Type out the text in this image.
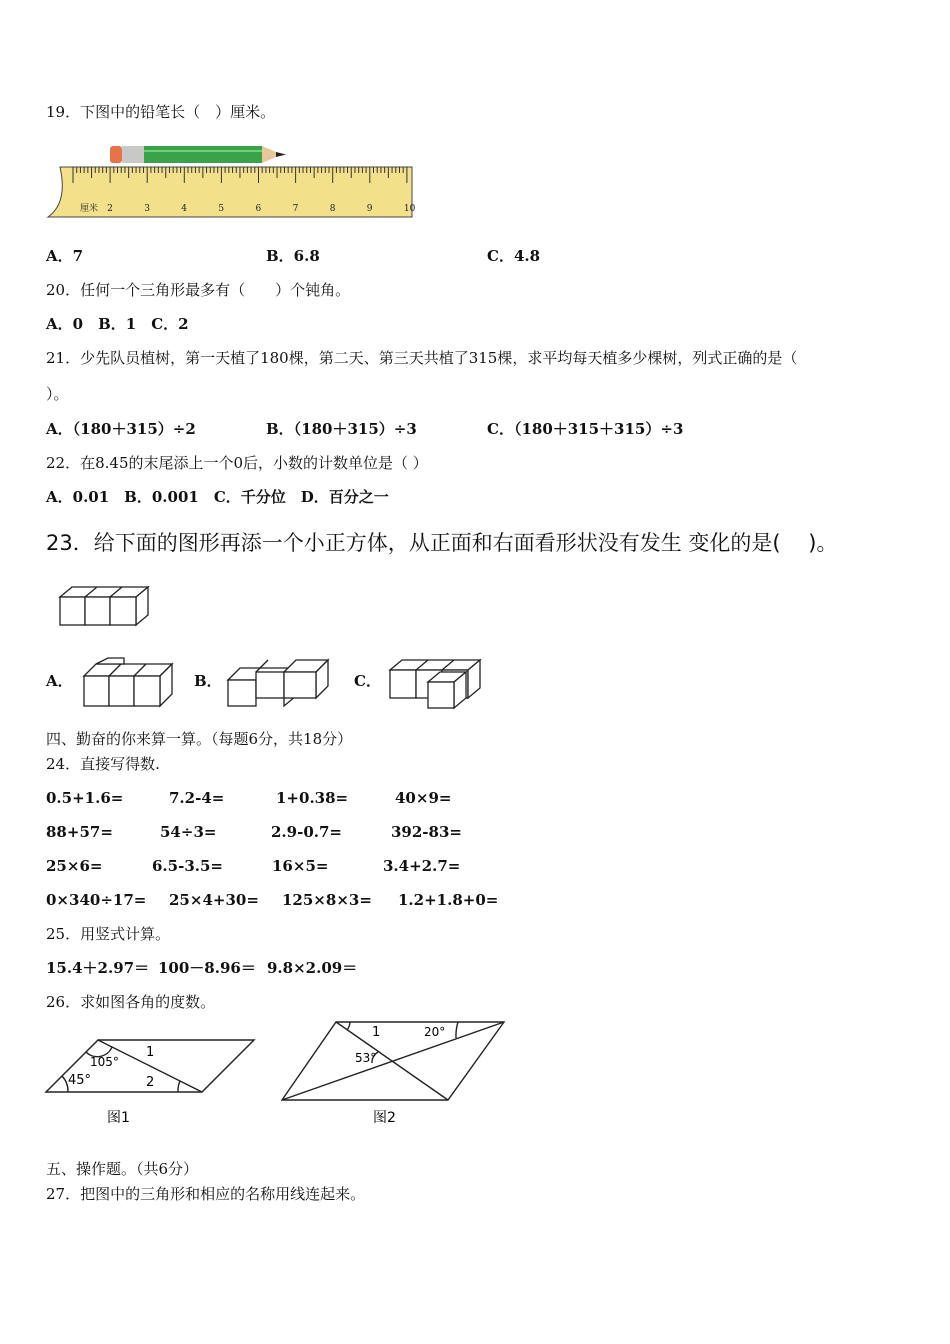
19．下图中的铅笔长（　）厘米。
厘米 2	3	4	5	6	7	8	9	10
A．7	B．6.8	C．4.8
20．任何一个三角形最多有（　　）个钝角。
A．0　B．1　C．2
21．少先队员植树，第一天植了180棵，第二天、第三天共植了315棵，求平均每天植多少棵树，列式正确的是（
）。
A．（180＋315）÷2	B．（180＋315）÷3	C．（180＋315＋315）÷3
22．在8.45的末尾添上一个0后，小数的计数单位是（ ）
A．0.01　B．0.001　C．千分位　D．百分之一
23．给下面的图形再添一个小正方体，从正面和右面看形状没有发生 变化的是(　 )。
A．	B．	C．
四、勤奋的你来算一算。（每题6分，共18分）
24．直接写得数.
0.5+1.6=	7.2-4=	1+0.38=	40×9=
88+57=	54÷3=	2.9-0.7=	392-83=
25×6=	6.5-3.5=	16×5=	3.4+2.7=
0×340÷17= 25×4+30= 125×8×3= 1.2+1.8+0=
25．用竖式计算。
15.4＋2.97＝ 100－8.96＝ 9.8×2.09＝
26．求如图各角的度数。
105°
45°
1
2
图1
1	20°
53°
图2
五、操作题。（共6分）
27．把图中的三角形和相应的名称用线连起来。
